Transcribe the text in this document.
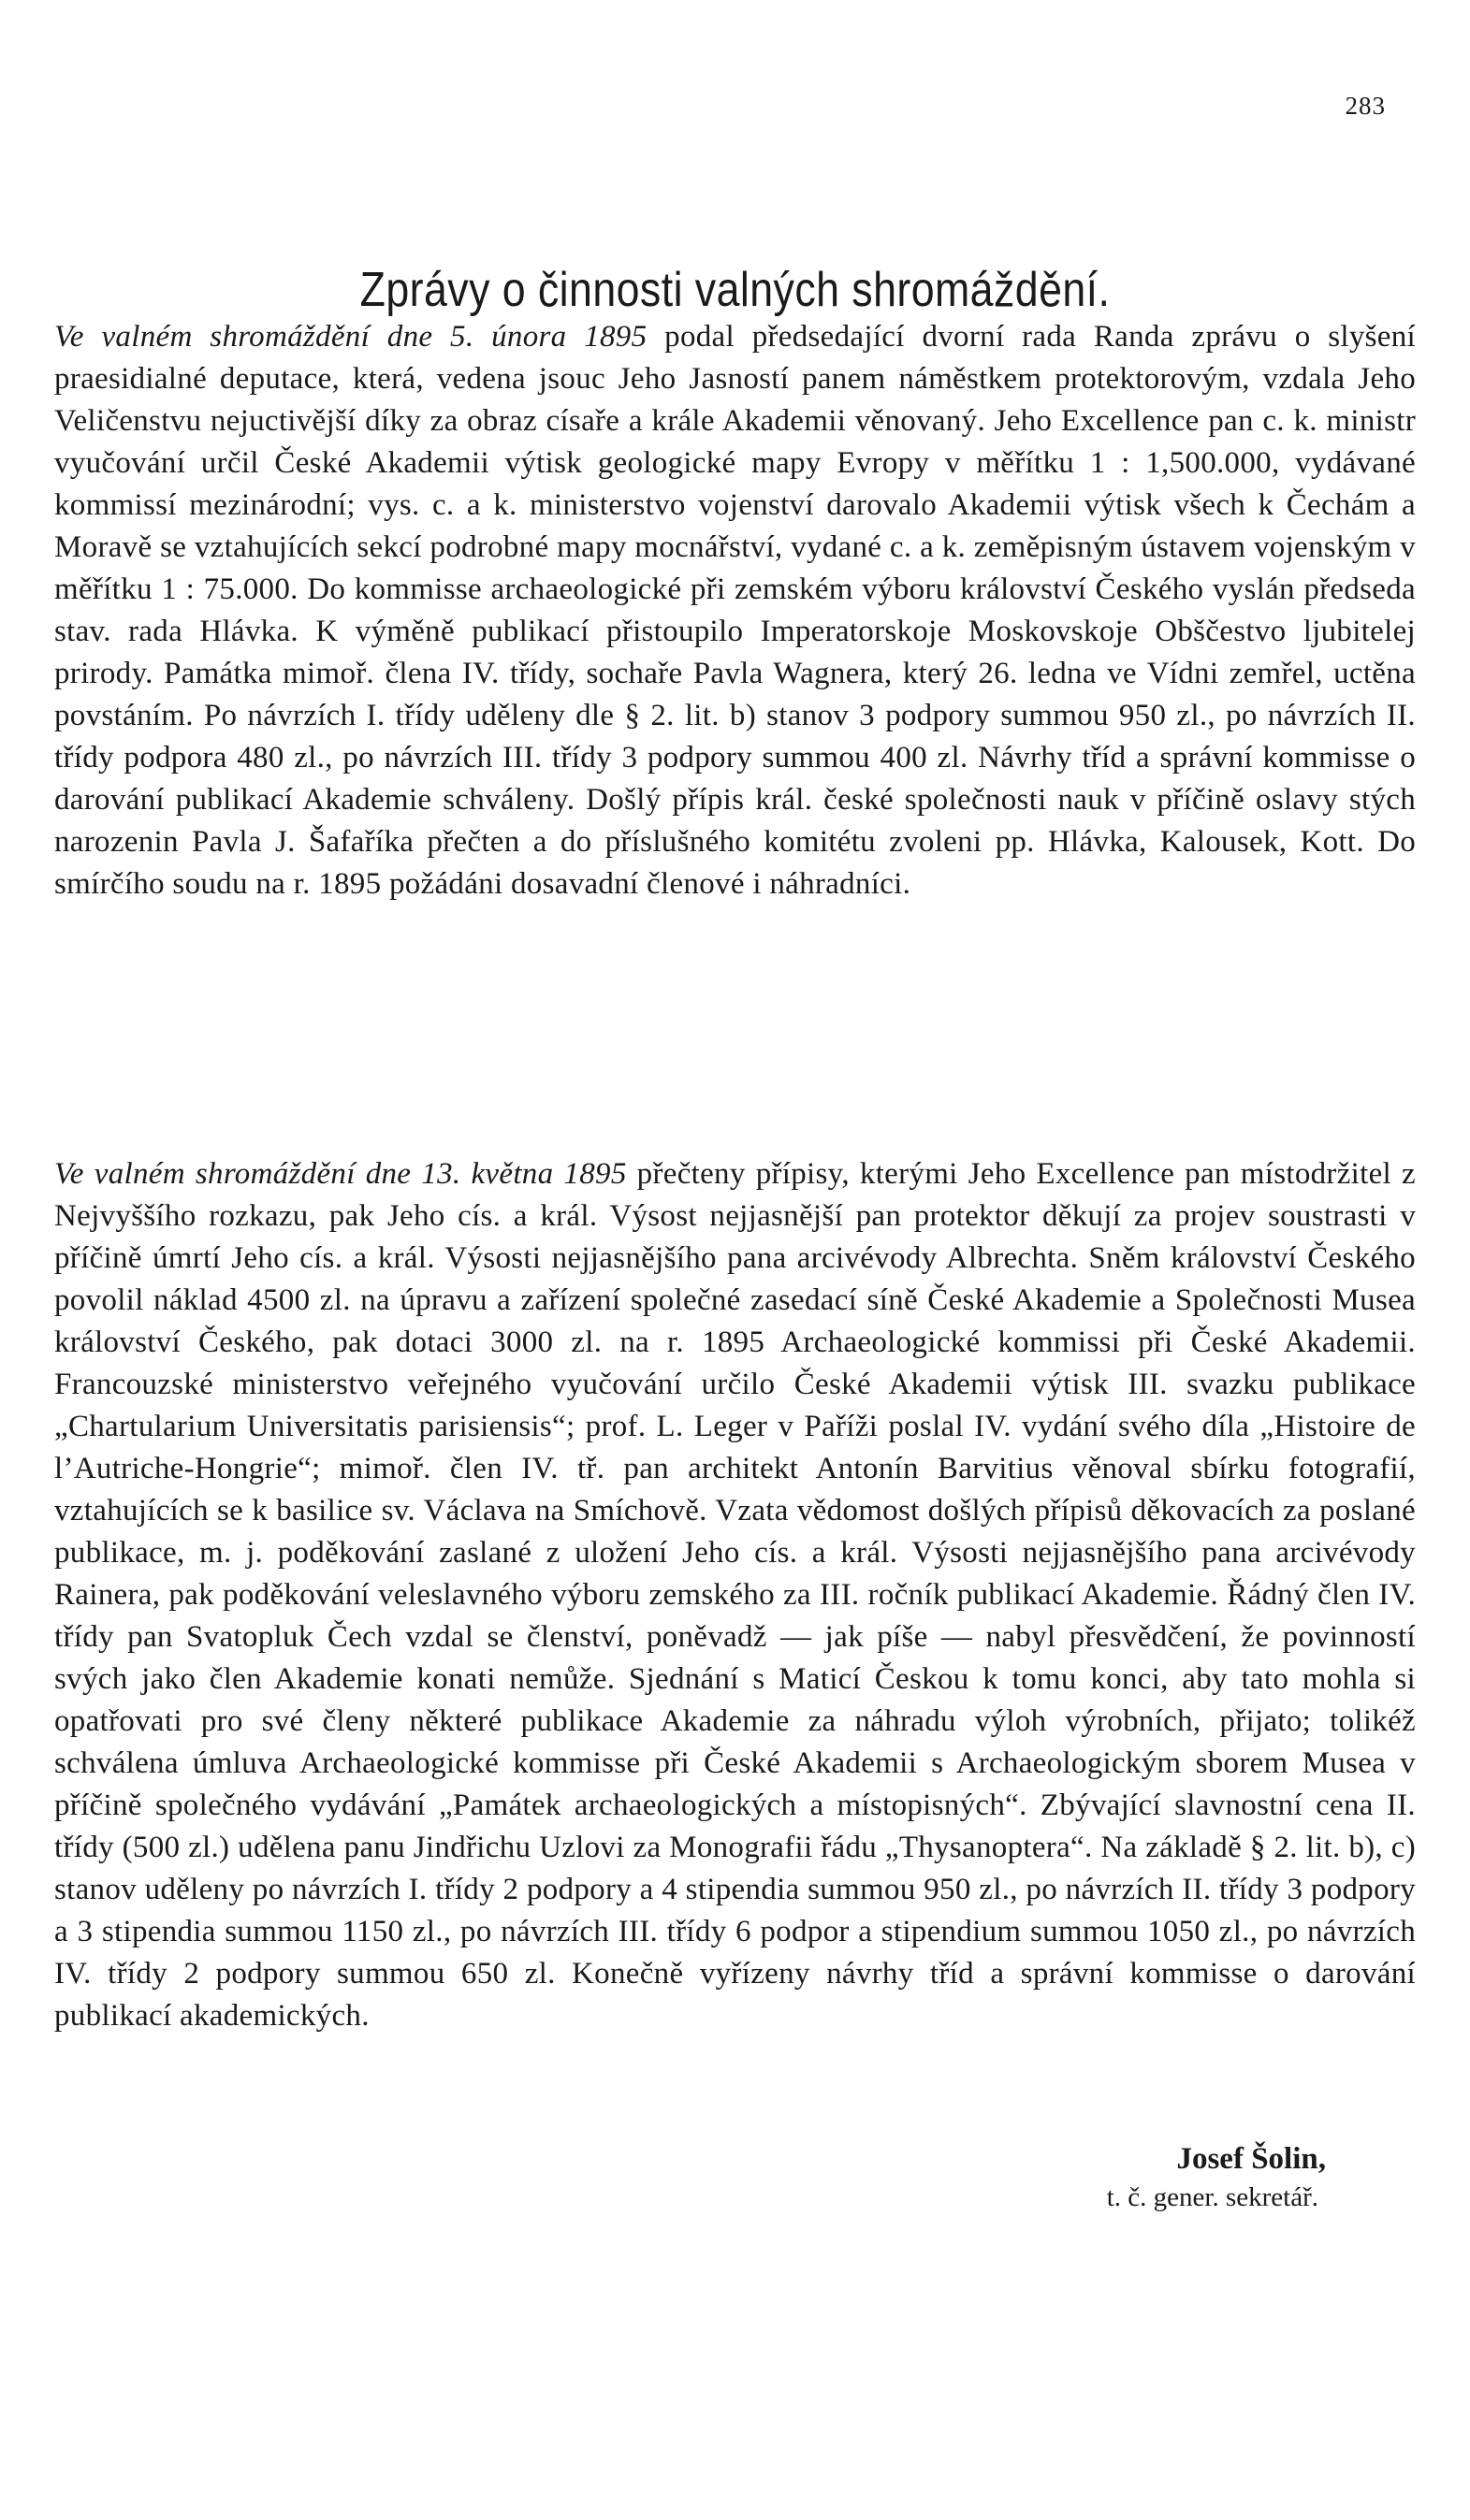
283
Zprávy o činnosti valných shromáždění.

Ve valném shromáždění dne 5. února 1895 podal předsedající dvorní rada Randa zprávu o slyšení praesidialné deputace, která, vedena jsouc Jeho Jasností panem náměstkem protektorovým, vzdala Jeho Veličenstvu nejuctivější díky za obraz císaře a krále Akademii věnovaný. Jeho Excellence pan c. k. ministr vyučování určil České Akademii výtisk geologické mapy Evropy v měřítku 1 : 1,500.000, vydávané kommissí mezinárodní; vys. c. a k. ministerstvo vojenství darovalo Akademii výtisk všech k Čechám a Moravě se vztahujících sekcí podrobné mapy mocnářství, vydané c. a k. zeměpisným ústavem vojenským v měřítku 1 : 75.000. Do kommisse archaeologické při zemském výboru království Českého vyslán předseda stav. rada Hlávka. K výměně publikací přistoupilo Imperatorskoje Moskovskoje Obščestvo ljubitelej prirody. Památka mimoř. člena IV. třídy, sochaře Pavla Wagnera, který 26. ledna ve Vídni zemřel, uctěna povstáním. Po návrzích I. třídy uděleny dle § 2. lit. b) stanov 3 podpory summou 950 zl., po návrzích II. třídy podpora 480 zl., po návrzích III. třídy 3 podpory summou 400 zl. Návrhy tříd a správní kommisse o darování publikací Akademie schváleny. Došlý přípis král. české společnosti nauk v příčině oslavy stých narozenin Pavla J. Šafaříka přečten a do příslušného komitétu zvoleni pp. Hlávka, Kalousek, Kott. Do smírčího soudu na r. 1895 požádáni dosavadní členové i náhradníci.

Ve valném shromáždění dne 13. května 1895 přečteny přípisy, kterými Jeho Excellence pan místodržitel z Nejvyššího rozkazu, pak Jeho cís. a král. Výsost nejjasnější pan protektor děkují za projev soustrasti v příčině úmrtí Jeho cís. a král. Výsosti nejjasnějšího pana arcivévody Albrechta. Sněm království Českého povolil náklad 4500 zl. na úpravu a zařízení společné zasedací síně České Akademie a Společnosti Musea království Českého, pak dotaci 3000 zl. na r. 1895 Archaeologické kommissi při České Akademii. Francouzské ministerstvo veřejného vyučování určilo České Akademii výtisk III. svazku publikace „Chartularium Universitatis parisiensis“; prof. L. Leger v Paříži poslal IV. vydání svého díla „Histoire de l’Autriche-Hongrie“; mimoř. člen IV. tř. pan architekt Antonín Barvitius věnoval sbírku fotografií, vztahujících se k basilice sv. Václava na Smíchově. Vzata vědomost došlých přípisů děkovacích za poslané publikace, m. j. poděkování zaslané z uložení Jeho cís. a král. Výsosti nejjasnějšího pana arcivévody Rainera, pak poděkování veleslavného výboru zemského za III. ročník publikací Akademie. Řádný člen IV. třídy pan Svatopluk Čech vzdal se členství, poněvadž — jak píše — nabyl přesvědčení, že povinností svých jako člen Akademie konati nemůže. Sjednání s Maticí Českou k tomu konci, aby tato mohla si opatřovati pro své členy některé publikace Akademie za náhradu výloh výrobních, přijato; tolikéž schválena úmluva Archaeologické kommisse při České Akademii s Archaeologickým sborem Musea v příčině společného vydávání „Památek archaeologických a místopisných“. Zbývající slavnostní cena II. třídy (500 zl.) udělena panu Jindřichu Uzlovi za Monografii řádu „Thysanoptera“. Na základě § 2. lit. b), c) stanov uděleny po návrzích I. třídy 2 podpory a 4 stipendia summou 950 zl., po návrzích II. třídy 3 podpory a 3 stipendia summou 1150 zl., po návrzích III. třídy 6 podpor a stipendium summou 1050 zl., po návrzích IV. třídy 2 podpory summou 650 zl. Konečně vyřízeny návrhy tříd a správní kommisse o darování publikací akademických.

Josef Šolin,
t. č. gener. sekretář.
